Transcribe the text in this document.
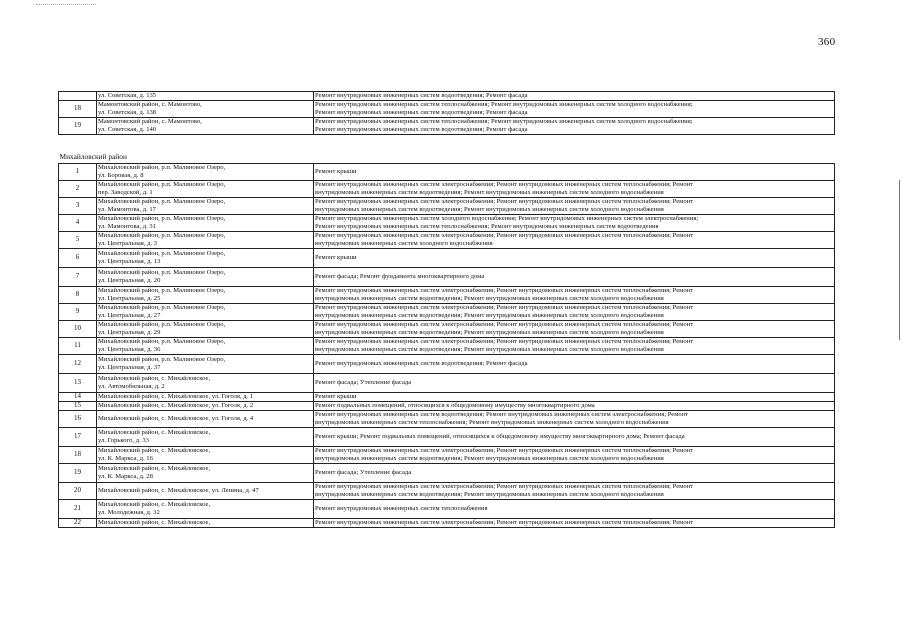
360

	ул. Советская, д. 135	Ремонт внутридомовых инженерных систем водоотведения; Ремонт фасада

18	Мамонтовский район, с. Мамонтово,
ул. Советская, д. 138	Ремонт внутридомовых инженерных систем теплоснабжения; Ремонт внутридомовых инженерных систем холодного водоснабжения;
Ремонт внутридомовых инженерных систем водоотведения; Ремонт фасада

19	Мамонтовский район, с. Мамонтово,
ул. Советская, д. 140	Ремонт внутридомовых инженерных систем теплоснабжения; Ремонт внутридомовых инженерных систем холодного водоснабжения;
Ремонт внутридомовых инженерных систем водоотведения; Ремонт фасада

Михайловский район		
1	Михайловский район, р.п. Малиновое Озеро,
ул. Боровая, д. 8	Ремонт крыши

2	Михайловский район, р.п. Малиновое Озеро,
пер. Заводской, д. 1	Ремонт внутридомовых инженерных систем электроснабжения; Ремонт внутридомовых инженерных систем теплоснабжения; Ремонт
внутридомовых инженерных систем водоотведения; Ремонт внутридомовых инженерных систем холодного водоснабжения

3	Михайловский район, р.п. Малиновое Озеро,
ул. Мамонтова, д. 17	Ремонт внутридомовых инженерных систем электроснабжения; Ремонт внутридомовых инженерных систем теплоснабжения; Ремонт
внутридомовых инженерных систем водоотведения; Ремонт внутридомовых инженерных систем холодного водоснабжения

4	Михайловский район, р.п. Малиновое Озеро,
ул. Мамонтова, д. 31	Ремонт внутридомовых инженерных систем холодного водоснабжения; Ремонт внутридомовых инженерных систем электроснабжения;
Ремонт внутридомовых инженерных систем теплоснабжения; Ремонт внутридомовых инженерных систем водоотведения

5	Михайловский район, р.п. Малиновое Озеро,
ул. Центральная, д. 3	Ремонт внутридомовых инженерных систем электроснабжения; Ремонт внутридомовых инженерных систем теплоснабжения; Ремонт
внутридомовых инженерных систем холодного водоснабжения

6	Михайловский район, р.п. Малиновое Озеро,
ул. Центральная, д. 13	Ремонт крыши

7	Михайловский район, р.п. Малиновое Озеро,
ул. Центральная, д. 20	Ремонт фасада; Ремонт фундамента многоквартирного дома

8	Михайловский район, р.п. Малиновое Озеро,
ул. Центральная, д. 25	Ремонт внутридомовых инженерных систем электроснабжения; Ремонт внутридомовых инженерных систем теплоснабжения; Ремонт
внутридомовых инженерных систем водоотведения; Ремонт внутридомовых инженерных систем холодного водоснабжения

9	Михайловский район, р.п. Малиновое Озеро,
ул. Центральная, д. 27	Ремонт внутридомовых инженерных систем электроснабжения; Ремонт внутридомовых инженерных систем теплоснабжения; Ремонт
внутридомовых инженерных систем водоотведения; Ремонт внутридомовых инженерных систем холодного водоснабжения

10	Михайловский район, р.п. Малиновое Озеро,
ул. Центральная, д. 29	Ремонт внутридомовых инженерных систем электроснабжения; Ремонт внутридомовых инженерных систем теплоснабжения; Ремонт
внутридомовых инженерных систем водоотведения; Ремонт внутридомовых инженерных систем холодного водоснабжения

11	Михайловский район, р.п. Малиновое Озеро,
ул. Центральная, д. 36	Ремонт внутридомовых инженерных систем электроснабжения; Ремонт внутридомовых инженерных систем теплоснабжения; Ремонт
внутридомовых инженерных систем водоотведения; Ремонт внутридомовых инженерных систем холодного водоснабжения

12	Михайловский район, р.п. Малиновое Озеро,
ул. Центральная, д. 37	Ремонт внутридомовых инженерных систем водоотведения; Ремонт фасада

13	Михайловский район, с. Михайловское,
ул. Автомобильная, д. 2	Ремонт фасада; Утепление фасада

14	Михайловский район, с. Михайловское, ул. Гоголя, д. 1	Ремонт крыши

15	Михайловский район, с. Михайловское, ул. Гоголя, д. 2	Ремонт подвальных помещений, относящихся к общедомовому имуществу многоквартирного дома

16	Михайловский район, с. Михайловское, ул. Гоголя, д. 4	Ремонт внутридомовых инженерных систем водоотведения; Ремонт внутридомовых инженерных систем электроснабжения; Ремонт
внутридомовых инженерных систем теплоснабжения; Ремонт внутридомовых инженерных систем холодного водоснабжения

17	Михайловский район, с. Михайловское,
ул. Горького, д. 33	Ремонт крыши; Ремонт подвальных помещений, относящихся к общедомовому имуществу многоквартирного дома; Ремонт фасада

18	Михайловский район, с. Михайловское,
ул. К. Маркса, д. 16	Ремонт внутридомовых инженерных систем электроснабжения; Ремонт внутридомовых инженерных систем теплоснабжения; Ремонт
внутридомовых инженерных систем водоотведения; Ремонт внутридомовых инженерных систем холодного водоснабжения

19	Михайловский район, с. Михайловское,
ул. К. Маркса, д. 28	Ремонт фасада; Утепление фасада

20	Михайловский район, с. Михайловское, ул. Ленина, д. 47	Ремонт внутридомовых инженерных систем электроснабжения; Ремонт внутридомовых инженерных систем теплоснабжения; Ремонт
внутридомовых инженерных систем водоотведения; Ремонт внутридомовых инженерных систем холодного водоснабжения

21	Михайловский район, с. Михайловское,
ул. Молодежная, д. 32	Ремонт внутридомовых инженерных систем теплоснабжения

22	Михайловский район, с. Михайловское,	Ремонт внутридомовых инженерных систем электроснабжения; Ремонт внутридомовых инженерных систем теплоснабжения; Ремонт
